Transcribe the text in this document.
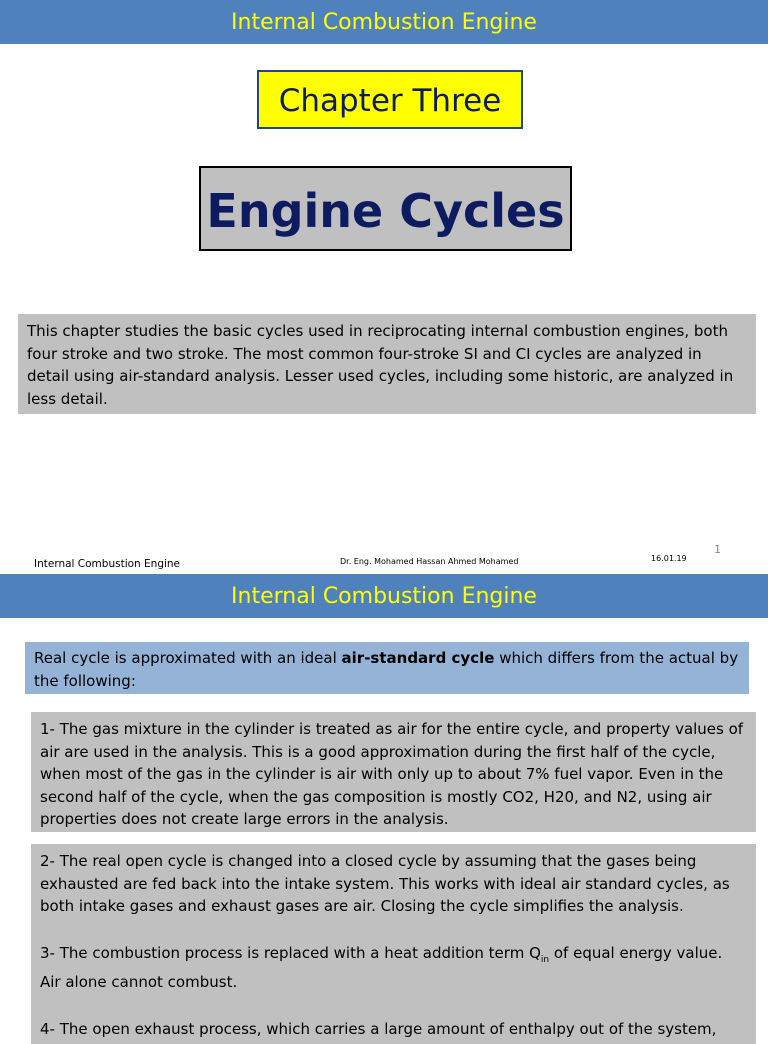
Internal Combustion Engine
Chapter Three
Engine Cycles
This chapter studies the basic cycles used in reciprocating internal combustion engines, both four stroke and two stroke. The most common four-stroke SI and CI cycles are analyzed in detail using air-standard analysis. Lesser used cycles, including some historic, are analyzed in less detail.
Internal Combustion Engine	Dr. Eng. Mohamed Hassan Ahmed Mohamed	16.01.19
1
Internal Combustion Engine
Real cycle is approximated with an ideal air-standard cycle which differs from the actual by the following:
1- The gas mixture in the cylinder is treated as air for the entire cycle, and property values of air are used in the analysis. This is a good approximation during the first half of the cycle, when most of the gas in the cylinder is air with only up to about 7% fuel vapor. Even in the second half of the cycle, when the gas composition is mostly CO2, H20, and N2, using air properties does not create large errors in the analysis.

2- The real open cycle is changed into a closed cycle by assuming that the gases being exhausted are fed back into the intake system. This works with ideal air standard cycles, as both intake gases and exhaust gases are air. Closing the cycle simplifies the analysis.

3- The combustion process is replaced with a heat addition term $Q_{in}$ of equal energy value. Air alone cannot combust.

4- The open exhaust process, which carries a large amount of enthalpy out of the system,
